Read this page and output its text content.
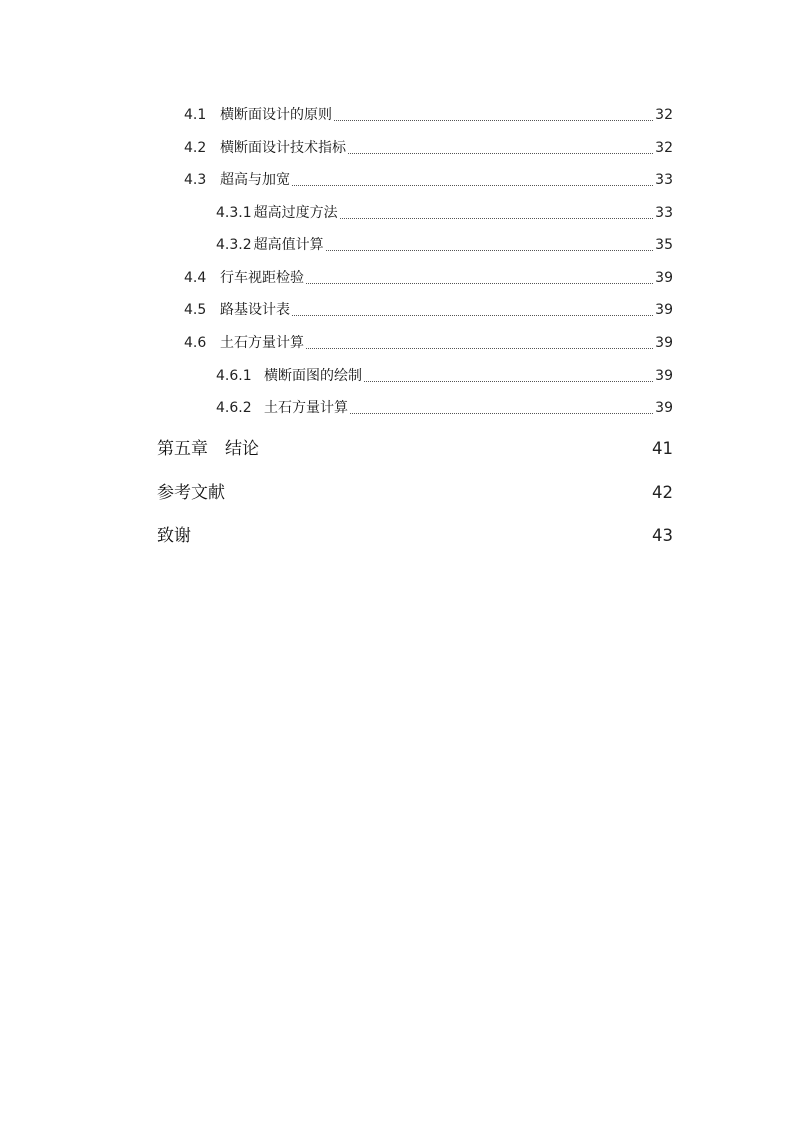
4.1 横断面设计的原则	32
4.2 横断面设计技术指标	32
4.3 超高与加宽	33
4.3.1 超高过度方法	33
4.3.2 超高值计算	35
4.4 行车视距检验	39
4.5 路基设计表	39
4.6 土石方量计算	39
4.6.1 横断面图的绘制	39
4.6.2 土石方量计算	39
第五章　结论	41
参考文献	42
致谢	43
